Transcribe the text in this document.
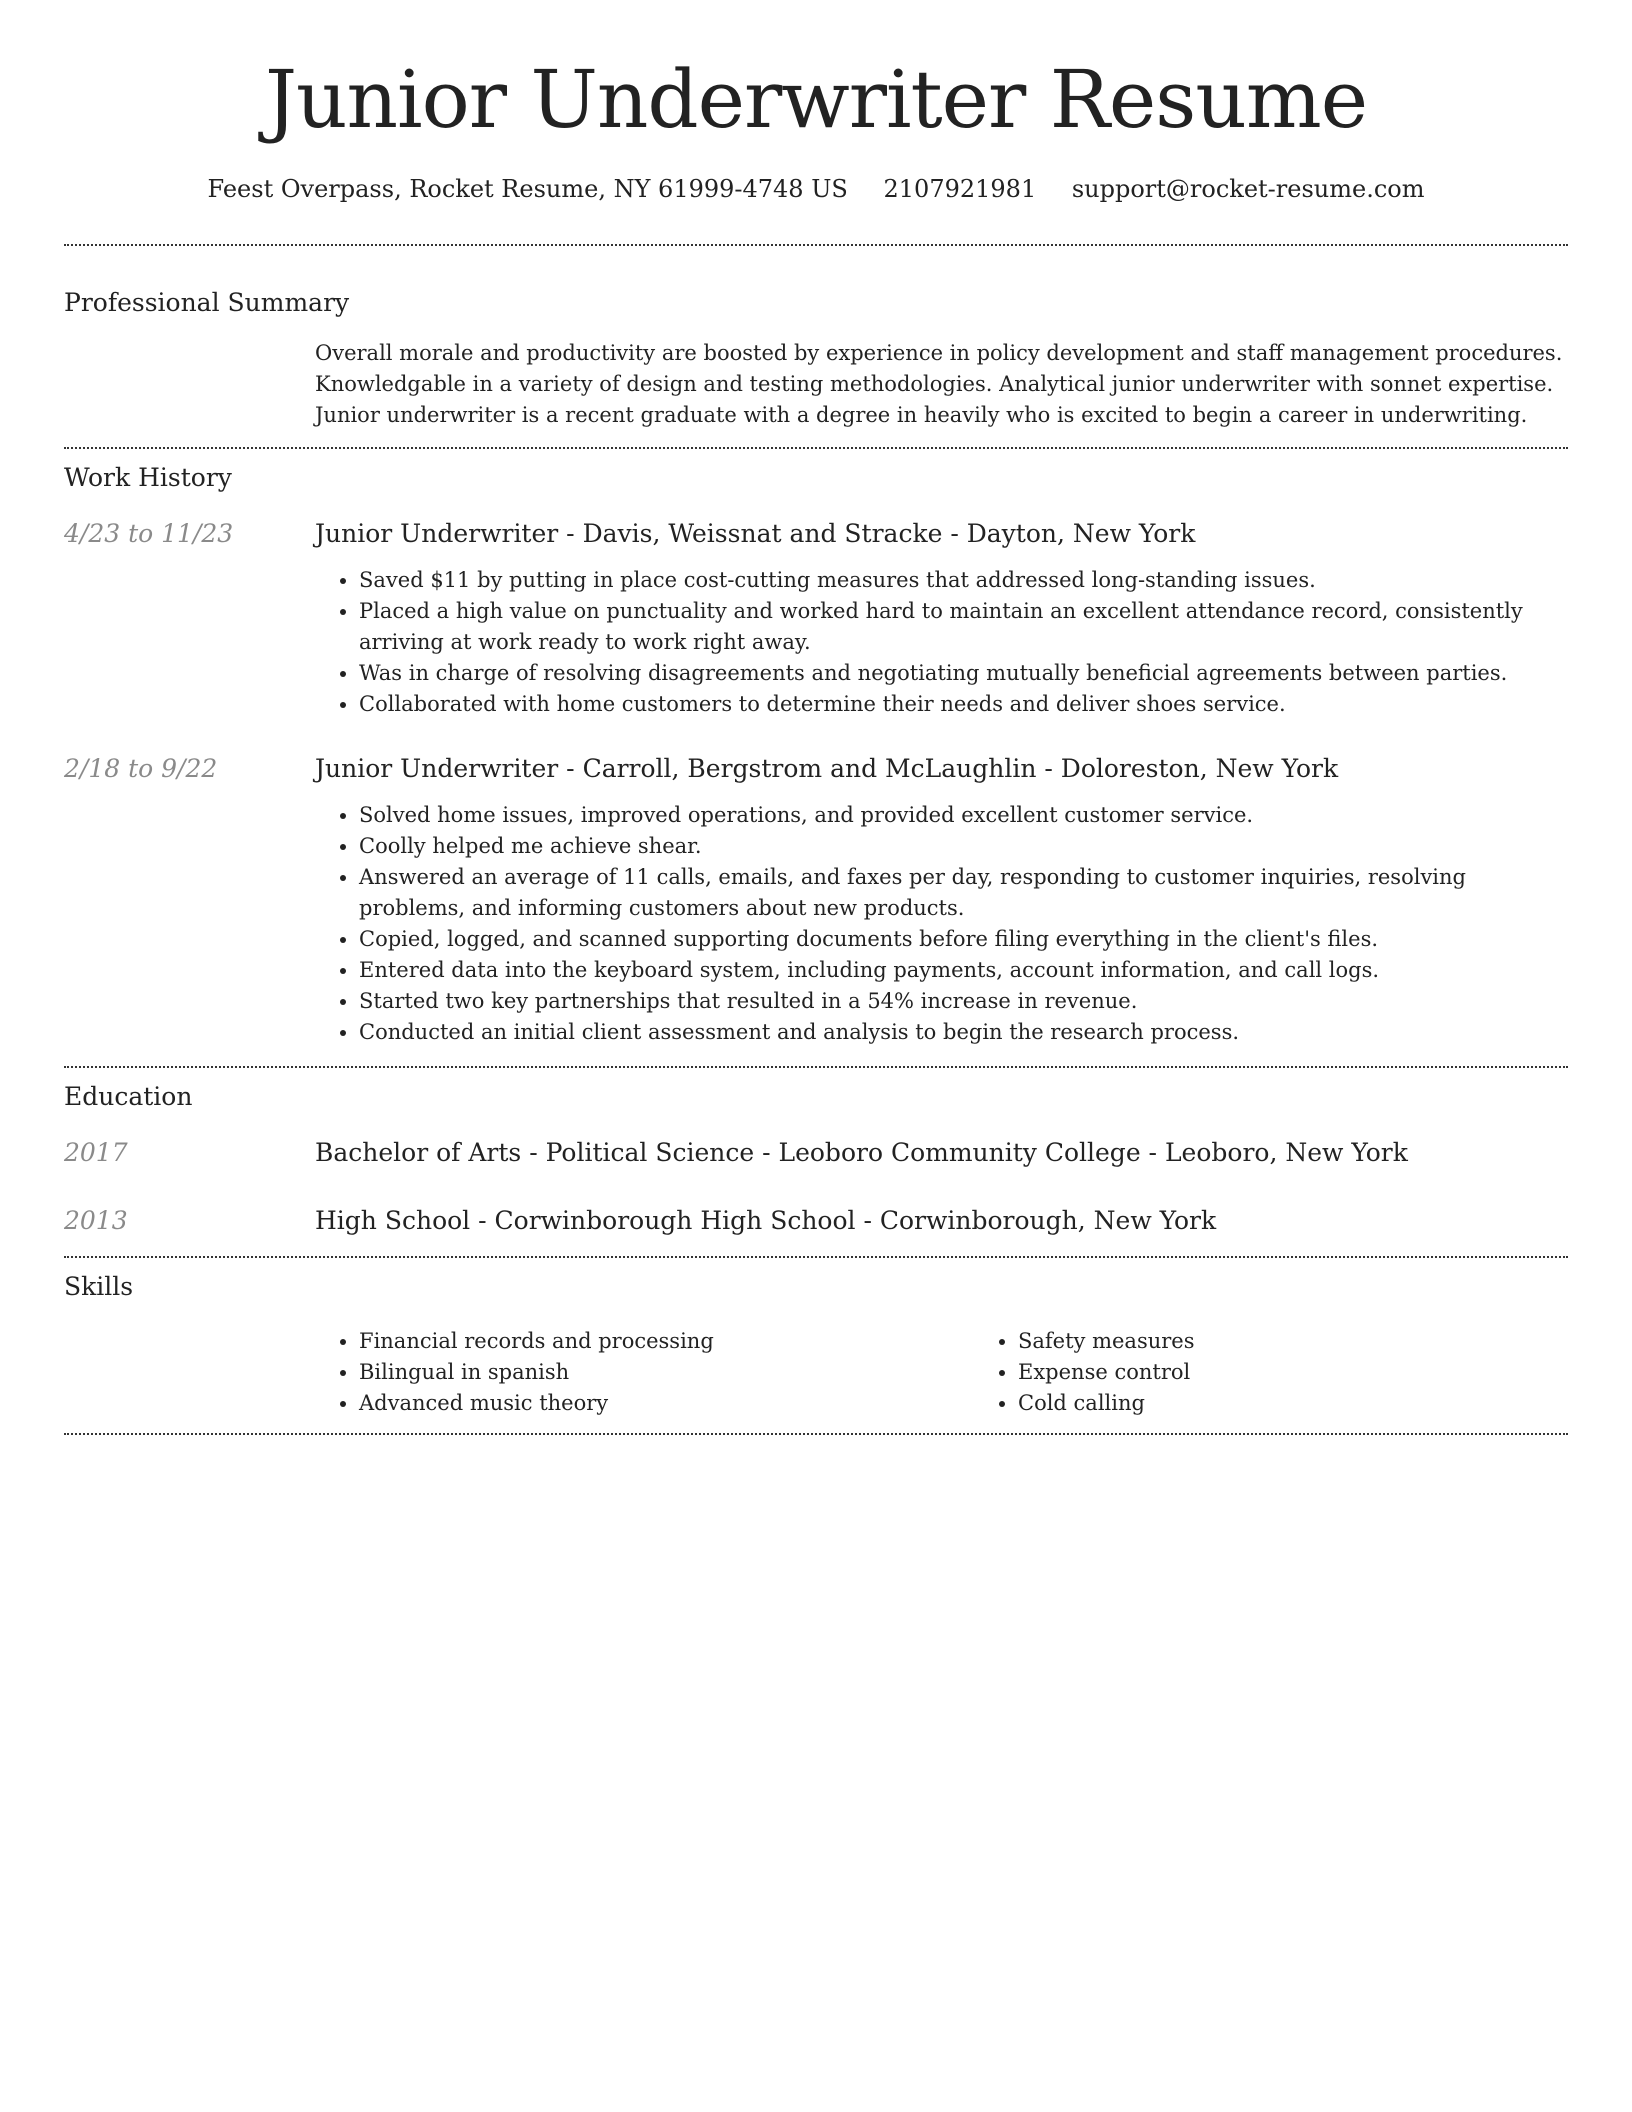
Junior Underwriter Resume
Feest Overpass, Rocket Resume, NY 61999-4748 US 2107921981 support@rocket-resume.com
Professional Summary
Overall morale and productivity are boosted by experience in policy development and staff management procedures. Knowledgable in a variety of design and testing methodologies. Analytical junior underwriter with sonnet expertise. Junior underwriter is a recent graduate with a degree in heavily who is excited to begin a career in underwriting.
Work History
4/23 to 11/23	Junior Underwriter - Davis, Weissnat and Stracke - Dayton, New York
• Saved $11 by putting in place cost-cutting measures that addressed long-standing issues.
• Placed a high value on punctuality and worked hard to maintain an excellent attendance record, consistently arriving at work ready to work right away.
• Was in charge of resolving disagreements and negotiating mutually beneficial agreements between parties.
• Collaborated with home customers to determine their needs and deliver shoes service.
2/18 to 9/22	Junior Underwriter - Carroll, Bergstrom and McLaughlin - Doloreston, New York
• Solved home issues, improved operations, and provided excellent customer service.
• Coolly helped me achieve shear.
• Answered an average of 11 calls, emails, and faxes per day, responding to customer inquiries, resolving problems, and informing customers about new products.
• Copied, logged, and scanned supporting documents before filing everything in the client's files.
• Entered data into the keyboard system, including payments, account information, and call logs.
• Started two key partnerships that resulted in a 54% increase in revenue.
• Conducted an initial client assessment and analysis to begin the research process.
Education
2017	Bachelor of Arts - Political Science - Leoboro Community College - Leoboro, New York
2013	High School - Corwinborough High School - Corwinborough, New York
Skills
• Financial records and processing
• Bilingual in spanish
• Advanced music theory
• Safety measures
• Expense control
• Cold calling
